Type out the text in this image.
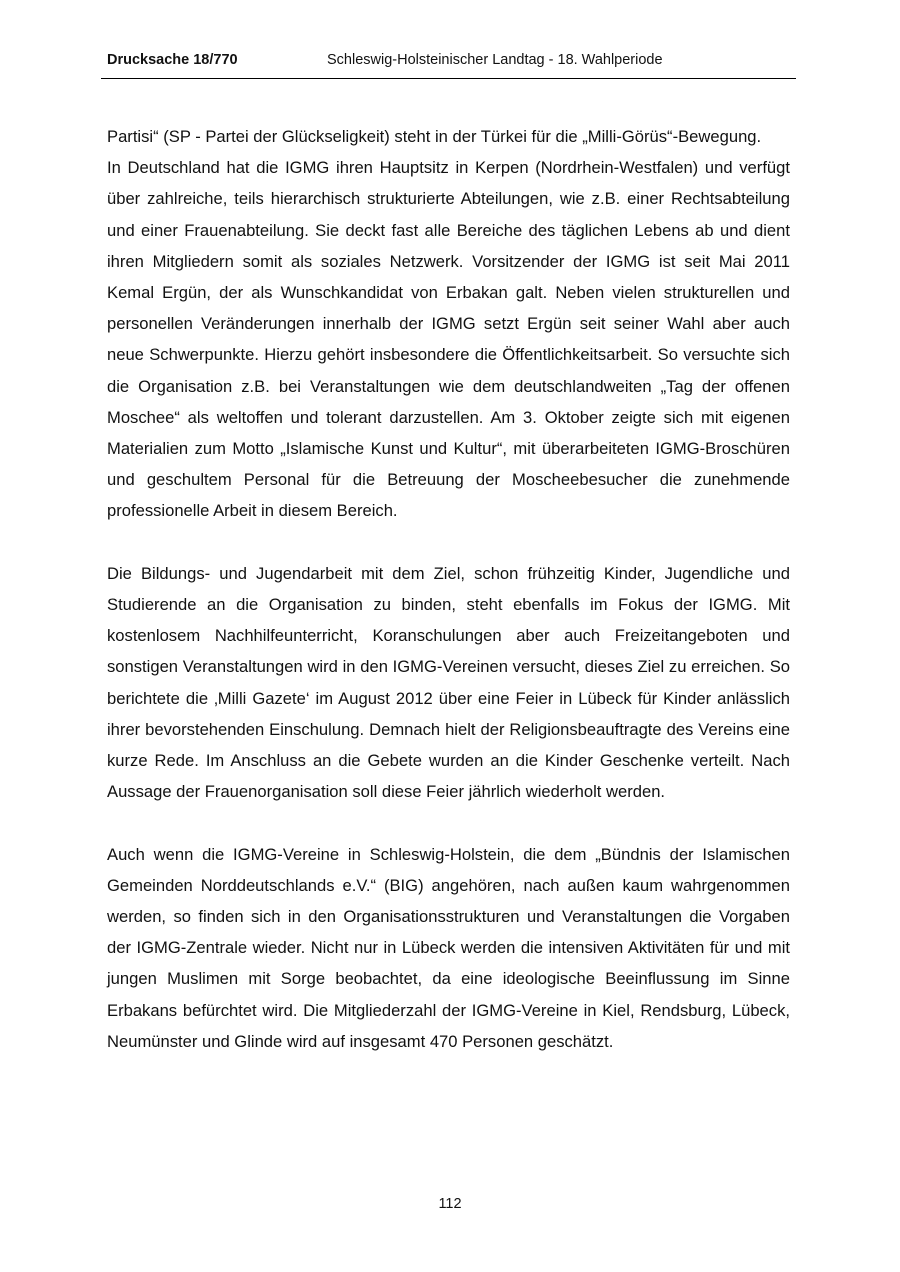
Drucksache 18/770	Schleswig-Holsteinischer Landtag - 18. Wahlperiode

Partisi“ (SP - Partei der Glückseligkeit) steht in der Türkei für die „Milli-Görüs“-Bewegung.

In Deutschland hat die IGMG ihren Hauptsitz in Kerpen (Nordrhein-Westfalen) und verfügt über zahlreiche, teils hierarchisch strukturierte Abteilungen, wie z.B. einer Rechtsabteilung und einer Frauenabteilung. Sie deckt fast alle Bereiche des täglichen Lebens ab und dient ihren Mitgliedern somit als soziales Netzwerk. Vorsitzender der IGMG ist seit Mai 2011 Kemal Ergün, der als Wunschkandidat von Erbakan galt. Neben vielen strukturellen und personellen Veränderungen innerhalb der IGMG setzt Ergün seit seiner Wahl aber auch neue Schwerpunkte. Hierzu gehört insbesondere die Öffentlichkeitsarbeit. So versuchte sich die Organisation z.B. bei Veranstaltungen wie dem deutschlandweiten „Tag der offenen Moschee“ als weltoffen und tolerant darzustellen. Am 3. Oktober zeigte sich mit eigenen Materialien zum Motto „Islamische Kunst und Kultur“, mit überarbeiteten IGMG-Broschüren und geschultem Personal für die Betreuung der Moscheebesucher die zunehmende professionelle Arbeit in diesem Bereich.

Die Bildungs- und Jugendarbeit mit dem Ziel, schon frühzeitig Kinder, Jugendliche und Studierende an die Organisation zu binden, steht ebenfalls im Fokus der IGMG. Mit kostenlosem Nachhilfeunterricht, Koranschulungen aber auch Freizeitangeboten und sonstigen Veranstaltungen wird in den IGMG-Vereinen versucht, dieses Ziel zu erreichen. So berichtete die ‚Milli Gazete‘ im August 2012 über eine Feier in Lübeck für Kinder anlässlich ihrer bevorstehenden Einschulung. Demnach hielt der Religionsbeauftragte des Vereins eine kurze Rede. Im Anschluss an die Gebete wurden an die Kinder Geschenke verteilt. Nach Aussage der Frauenorganisation soll diese Feier jährlich wiederholt werden.

Auch wenn die IGMG-Vereine in Schleswig-Holstein, die dem „Bündnis der Islamischen Gemeinden Norddeutschlands e.V.“ (BIG) angehören, nach außen kaum wahrgenommen werden, so finden sich in den Organisationsstrukturen und Veranstaltungen die Vorgaben der IGMG-Zentrale wieder. Nicht nur in Lübeck werden die intensiven Aktivitäten für und mit jungen Muslimen mit Sorge beobachtet, da eine ideologische Beeinflussung im Sinne Erbakans befürchtet wird. Die Mitgliederzahl der IGMG-Vereine in Kiel, Rendsburg, Lübeck, Neumünster und Glinde wird auf insgesamt 470 Personen geschätzt.

112
